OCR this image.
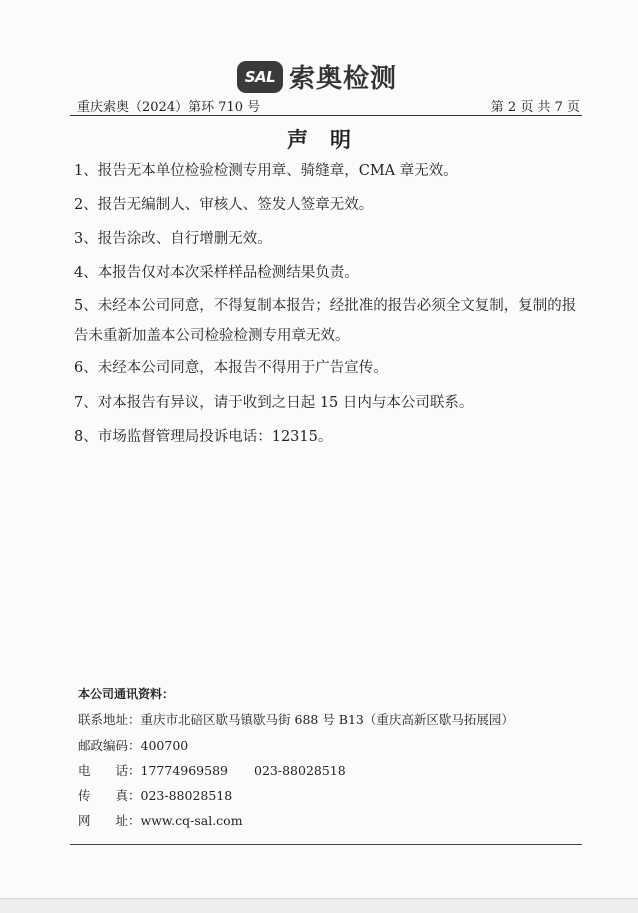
SAL 索奥检测
重庆索奥（2024）第环 710 号	第 2 页 共 7 页
声明
1、报告无本单位检验检测专用章、骑缝章，CMA 章无效。
2、报告无编制人、审核人、签发人签章无效。
3、报告涂改、自行增删无效。
4、本报告仅对本次采样样品检测结果负责。
5、未经本公司同意，不得复制本报告；经批准的报告必须全文复制，复制的报告未重新加盖本公司检验检测专用章无效。
6、未经本公司同意，本报告不得用于广告宣传。
7、对本报告有异议，请于收到之日起 15 日内与本公司联系。
8、市场监督管理局投诉电话：12315。
本公司通讯资料：
联系地址：重庆市北碚区歇马镇歇马街 688 号 B13（重庆高新区歇马拓展园）
邮政编码：400700
电　　话：17774969589 023-88028518
传　　真：023-88028518
网　　址：www.cq-sal.com
